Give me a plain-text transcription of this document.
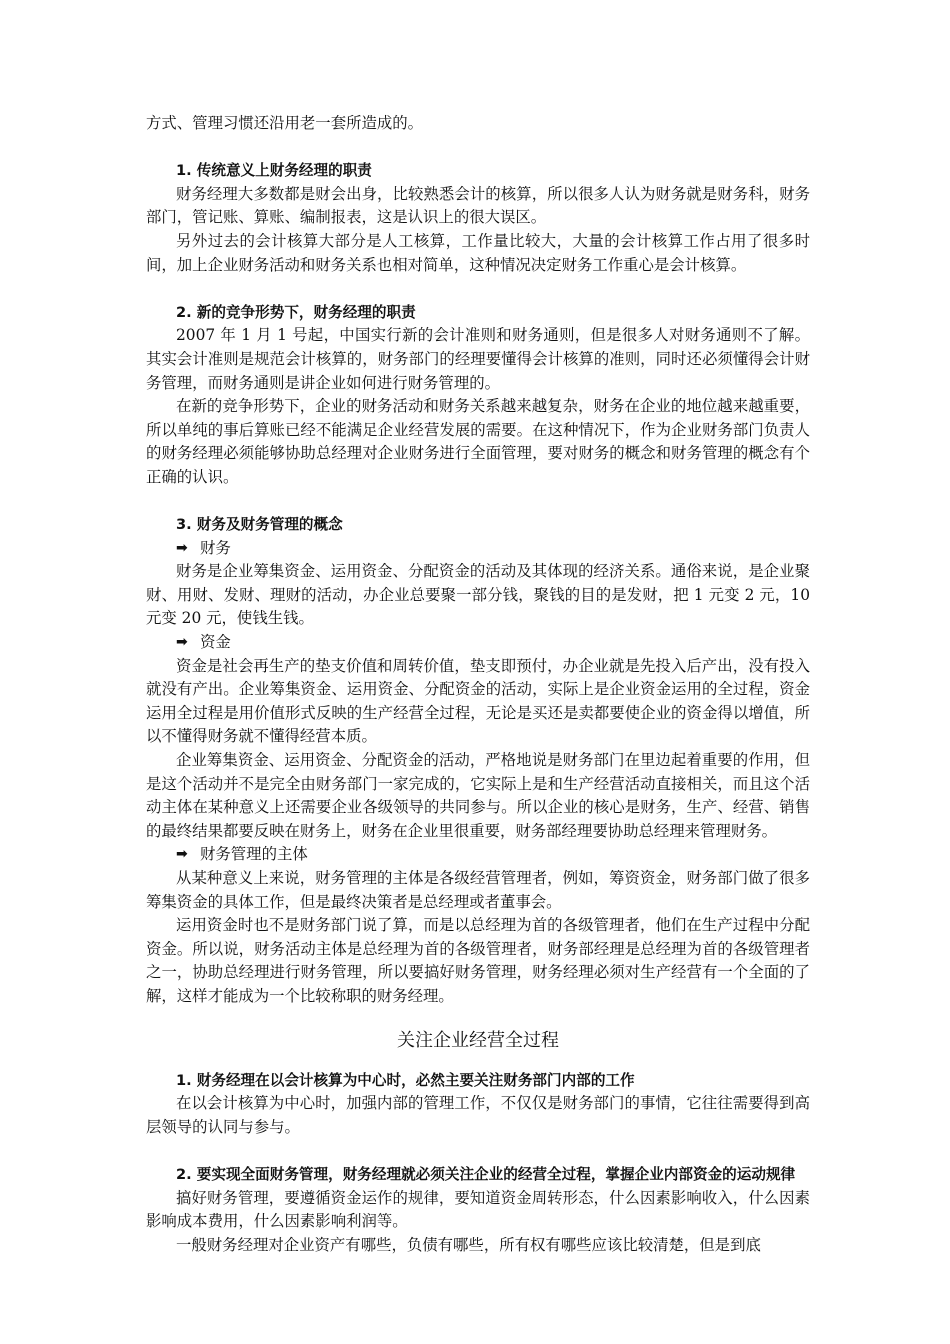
方式、管理习惯还沿用老一套所造成的。

1. 传统意义上财务经理的职责

财务经理大多数都是财会出身，比较熟悉会计的核算，所以很多人认为财务就是财务科，财务部门，管记账、算账、编制报表，这是认识上的很大误区。

另外过去的会计核算大部分是人工核算，工作量比较大，大量的会计核算工作占用了很多时间，加上企业财务活动和财务关系也相对简单，这种情况决定财务工作重心是会计核算。

2. 新的竞争形势下，财务经理的职责

2007 年 1 月 1 号起，中国实行新的会计准则和财务通则，但是很多人对财务通则不了解。其实会计准则是规范会计核算的，财务部门的经理要懂得会计核算的准则，同时还必须懂得会计财务管理，而财务通则是讲企业如何进行财务管理的。

在新的竞争形势下，企业的财务活动和财务关系越来越复杂，财务在企业的地位越来越重要，所以单纯的事后算账已经不能满足企业经营发展的需要。在这种情况下，作为企业财务部门负责人的财务经理必须能够协助总经理对企业财务进行全面管理，要对财务的概念和财务管理的概念有个正确的认识。

3. 财务及财务管理的概念

➡ 财务

财务是企业筹集资金、运用资金、分配资金的活动及其体现的经济关系。通俗来说，是企业聚财、用财、发财、理财的活动，办企业总要聚一部分钱，聚钱的目的是发财，把 1 元变 2 元，10 元变 20 元，使钱生钱。

➡ 资金

资金是社会再生产的垫支价值和周转价值，垫支即预付，办企业就是先投入后产出，没有投入就没有产出。企业筹集资金、运用资金、分配资金的活动，实际上是企业资金运用的全过程，资金运用全过程是用价值形式反映的生产经营全过程，无论是买还是卖都要使企业的资金得以增值，所以不懂得财务就不懂得经营本质。

企业筹集资金、运用资金、分配资金的活动，严格地说是财务部门在里边起着重要的作用，但是这个活动并不是完全由财务部门一家完成的，它实际上是和生产经营活动直接相关，而且这个活动主体在某种意义上还需要企业各级领导的共同参与。所以企业的核心是财务，生产、经营、销售的最终结果都要反映在财务上，财务在企业里很重要，财务部经理要协助总经理来管理财务。

➡ 财务管理的主体

从某种意义上来说，财务管理的主体是各级经营管理者，例如，筹资资金，财务部门做了很多筹集资金的具体工作，但是最终决策者是总经理或者董事会。

运用资金时也不是财务部门说了算，而是以总经理为首的各级管理者，他们在生产过程中分配资金。所以说，财务活动主体是总经理为首的各级管理者，财务部经理是总经理为首的各级管理者之一，协助总经理进行财务管理，所以要搞好财务管理，财务经理必须对生产经营有一个全面的了解，这样才能成为一个比较称职的财务经理。

关注企业经营全过程

1. 财务经理在以会计核算为中心时，必然主要关注财务部门内部的工作

在以会计核算为中心时，加强内部的管理工作，不仅仅是财务部门的事情，它往往需要得到高层领导的认同与参与。

2. 要实现全面财务管理，财务经理就必须关注企业的经营全过程，掌握企业内部资金的运动规律

搞好财务管理，要遵循资金运作的规律，要知道资金周转形态，什么因素影响收入，什么因素影响成本费用，什么因素影响利润等。

一般财务经理对企业资产有哪些，负债有哪些，所有权有哪些应该比较清楚，但是到底
